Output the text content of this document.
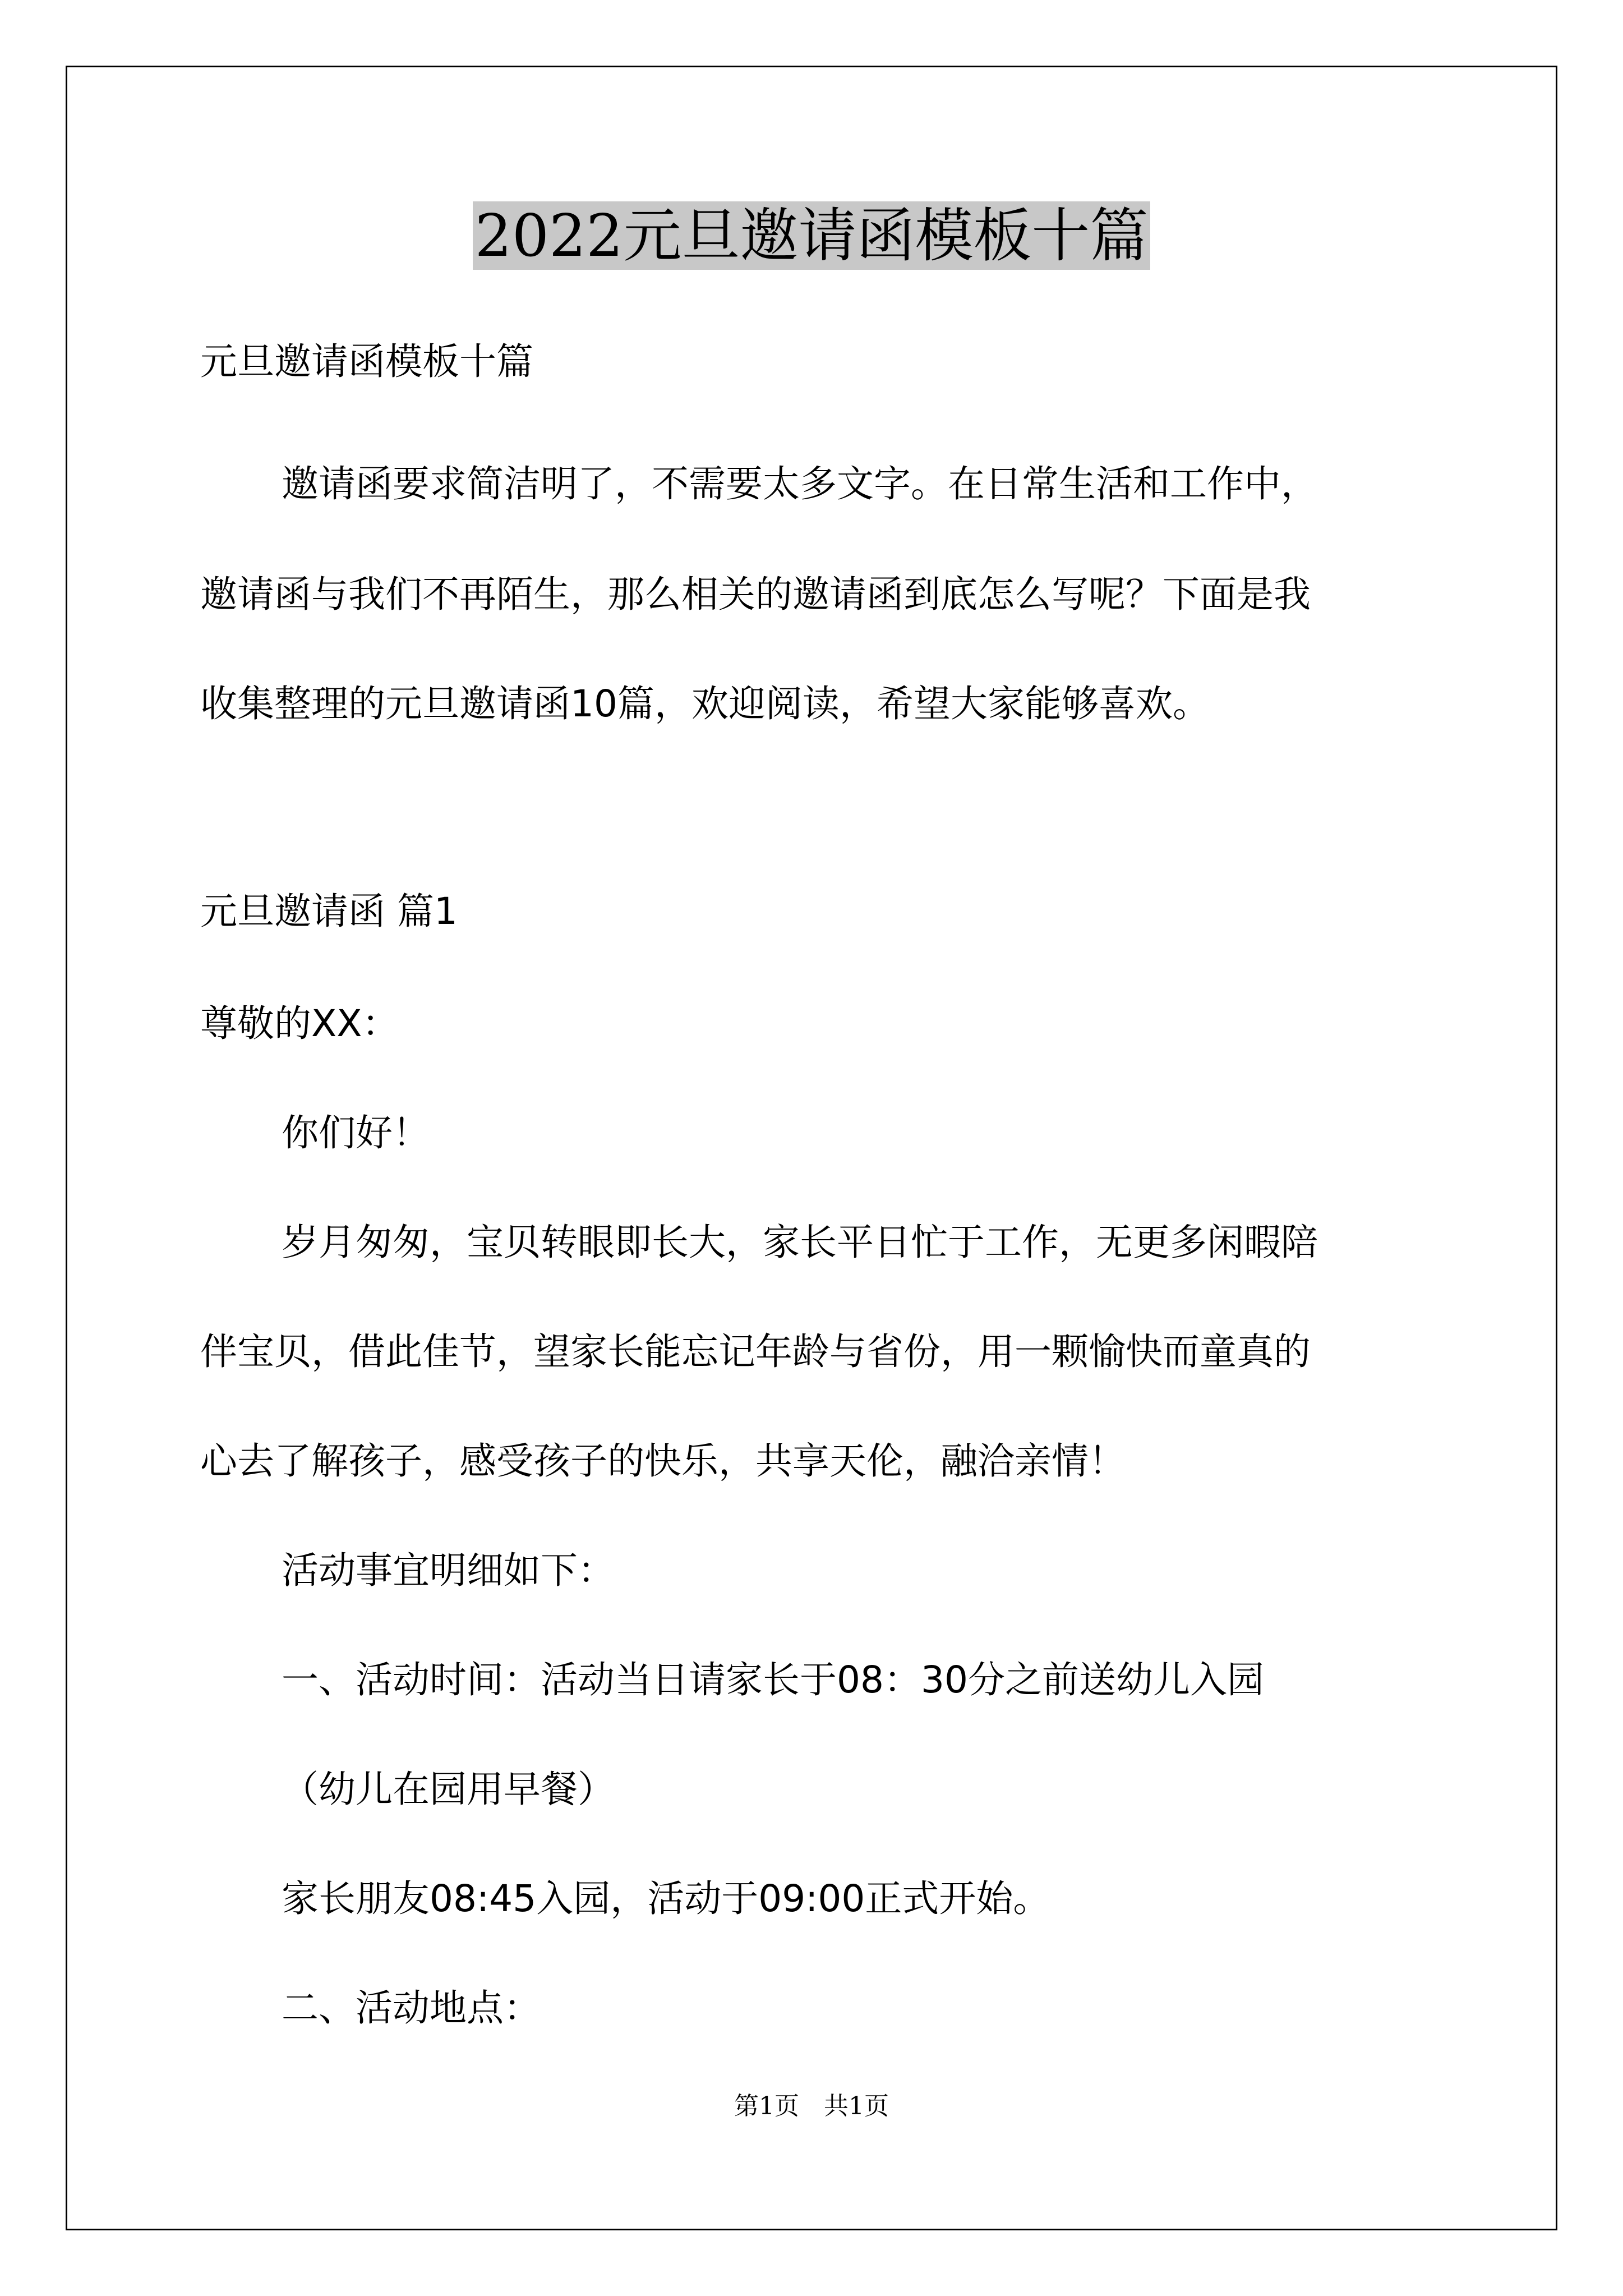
2022元旦邀请函模板十篇
元旦邀请函模板十篇
邀请函要求简洁明了，不需要太多文字。在日常生活和工作中，
邀请函与我们不再陌生，那么相关的邀请函到底怎么写呢？下面是我
收集整理的元旦邀请函10篇，欢迎阅读，希望大家能够喜欢。
元旦邀请函 篇1
尊敬的XX：
你们好！
岁月匆匆，宝贝转眼即长大，家长平日忙于工作，无更多闲暇陪
伴宝贝，借此佳节，望家长能忘记年龄与省份，用一颗愉快而童真的
心去了解孩子，感受孩子的快乐，共享天伦，融洽亲情！
活动事宜明细如下：
一、活动时间：活动当日请家长于08：30分之前送幼儿入园
（幼儿在园用早餐）
家长朋友08:45入园，活动于09:00正式开始。
二、活动地点：
第1页　共1页
